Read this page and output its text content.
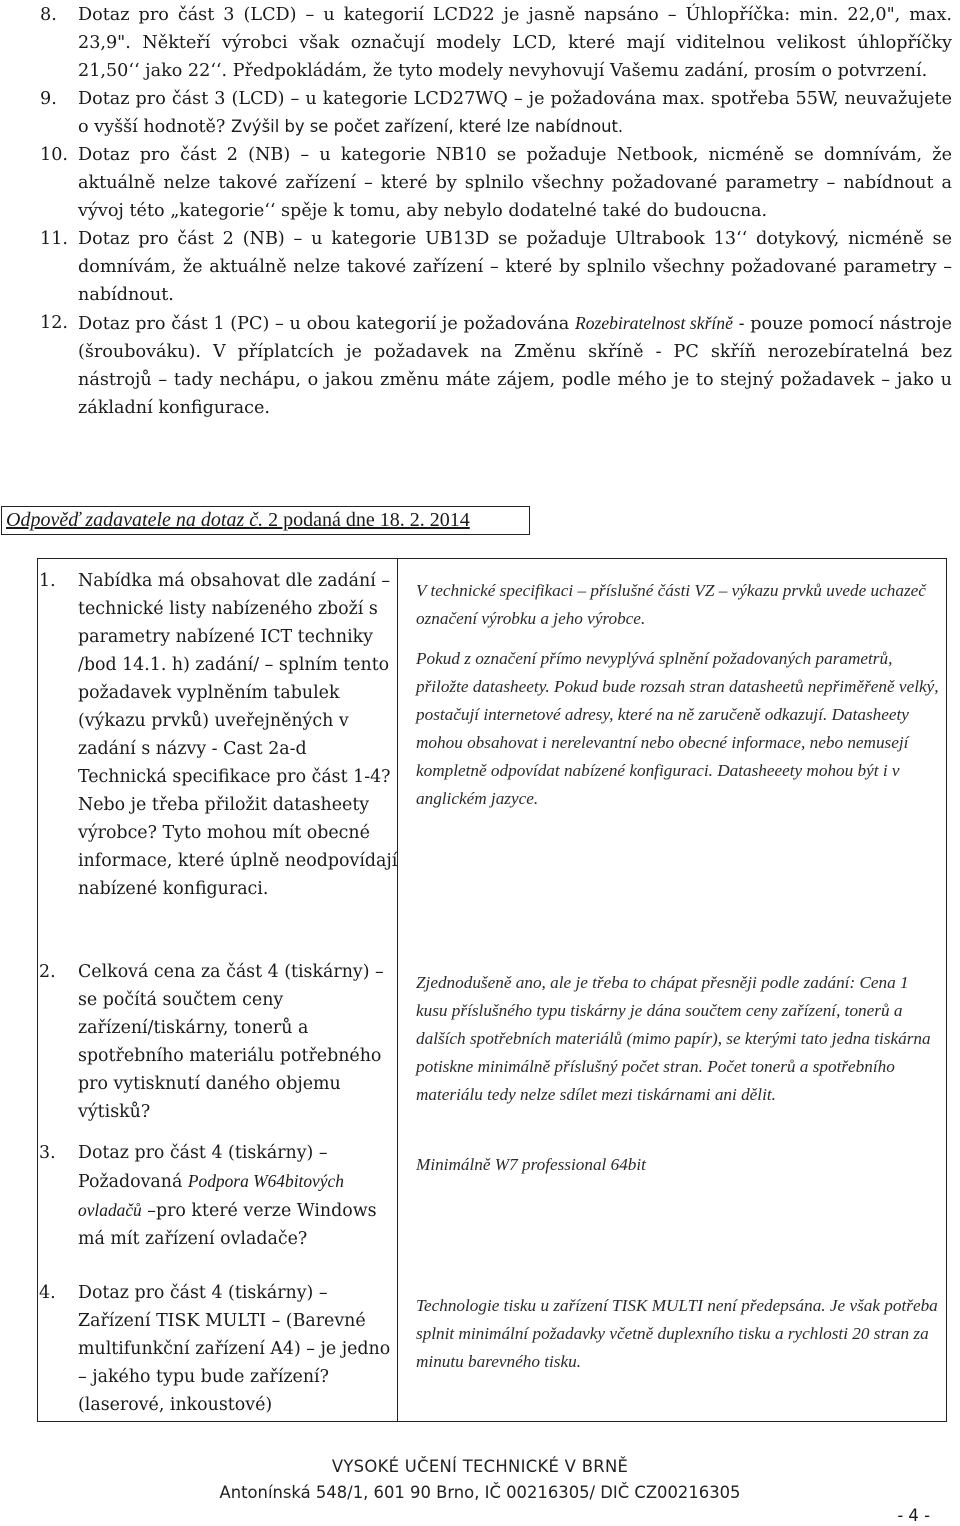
8. Dotaz pro část 3 (LCD) – u kategorií LCD22 je jasně napsáno – Úhlopříčka: min. 22,0", max. 23,9". Někteří výrobci však označují modely LCD, které mají viditelnou velikost úhlopříčky 21,50‘‘ jako 22‘‘. Předpokládám, že tyto modely nevyhovují Vašemu zadání, prosím o potvrzení.
9. Dotaz pro část 3 (LCD) – u kategorie LCD27WQ – je požadována max. spotřeba 55W, neuvažujete o vyšší hodnotě? Zvýšil by se počet zařízení, které lze nabídnout.
10. Dotaz pro část 2 (NB) – u kategorie NB10 se požaduje Netbook, nicméně se domnívám, že aktuálně nelze takové zařízení – které by splnilo všechny požadované parametry – nabídnout a vývoj této „kategorie‘‘ spěje k tomu, aby nebylo dodatelné také do budoucna.
11. Dotaz pro část 2 (NB) – u kategorie UB13D se požaduje Ultrabook 13‘‘ dotykový, nicméně se domnívám, že aktuálně nelze takové zařízení – které by splnilo všechny požadované parametry – nabídnout.
12. Dotaz pro část 1 (PC) – u obou kategorií je požadována Rozebiratelnost skříně - pouze pomocí nástroje (šroubováku). V příplatcích je požadavek na Změnu skříně - PC skříň nerozebíratelná bez nástrojů – tady nechápu, o jakou změnu máte zájem, podle mého je to stejný požadavek – jako u základní konfigurace.
Odpověď zadavatele na dotaz č. 2 podaná dne 18. 2. 2014
1. Nabídka má obsahovat dle zadání – technické listy nabízeného zboží s parametry nabízené ICT techniky /bod 14.1. h) zadání/ – splním tento požadavek vyplněním tabulek (výkazu prvků) uveřejněných v zadání s názvy - Cast 2a-d Technická specifikace pro část 1-4? Nebo je třeba přiložit datasheety výrobce? Tyto mohou mít obecné informace, které úplně neodpovídají nabízené konfiguraci.

V technické specifikaci – příslušné části VZ – výkazu prvků uvede uchazeč označení výrobku a jeho výrobce.

Pokud z označení přímo nevyplývá splnění požadovaných parametrů, přiložte datasheety. Pokud bude rozsah stran datasheetů nepřiměřeně velký, postačují internetové adresy, které na ně zaručeně odkazují. Datasheety mohou obsahovat i nerelevantní nebo obecné informace, nebo nemusejí kompletně odpovídat nabízené konfiguraci. Datasheeety mohou být i v anglickém jazyce.

2. Celková cena za část 4 (tiskárny) – se počítá součtem ceny zařízení/tiskárny, tonerů a spotřebního materiálu potřebného pro vytisknutí daného objemu výtisků?

Zjednodušeně ano, ale je třeba to chápat přesněji podle zadání: Cena 1 kusu příslušného typu tiskárny je dána součtem ceny zařízení, tonerů a dalších spotřebních materiálů (mimo papír), se kterými tato jedna tiskárna potiskne minimálně příslušný počet stran. Počet tonerů a spotřebního materiálu tedy nelze sdílet mezi tiskárnami ani dělit.

3. Dotaz pro část 4 (tiskárny) – Požadovaná Podpora W64bitových ovladačů –pro které verze Windows má mít zařízení ovladače?

Minimálně W7 professional 64bit

4. Dotaz pro část 4 (tiskárny) – Zařízení TISK MULTI – (Barevné multifunkční zařízení A4) – je jedno – jakého typu bude zařízení? (laserové, inkoustové)

Technologie tisku u zařízení TISK MULTI není předepsána. Je však potřeba splnit minimální požadavky včetně duplexního tisku a rychlosti 20 stran za minutu barevného tisku.

VYSOKÉ UČENÍ TECHNICKÉ V BRNĚ
Antonínská 548/1, 601 90 Brno, IČ 00216305/ DIČ CZ00216305
- 4 -
